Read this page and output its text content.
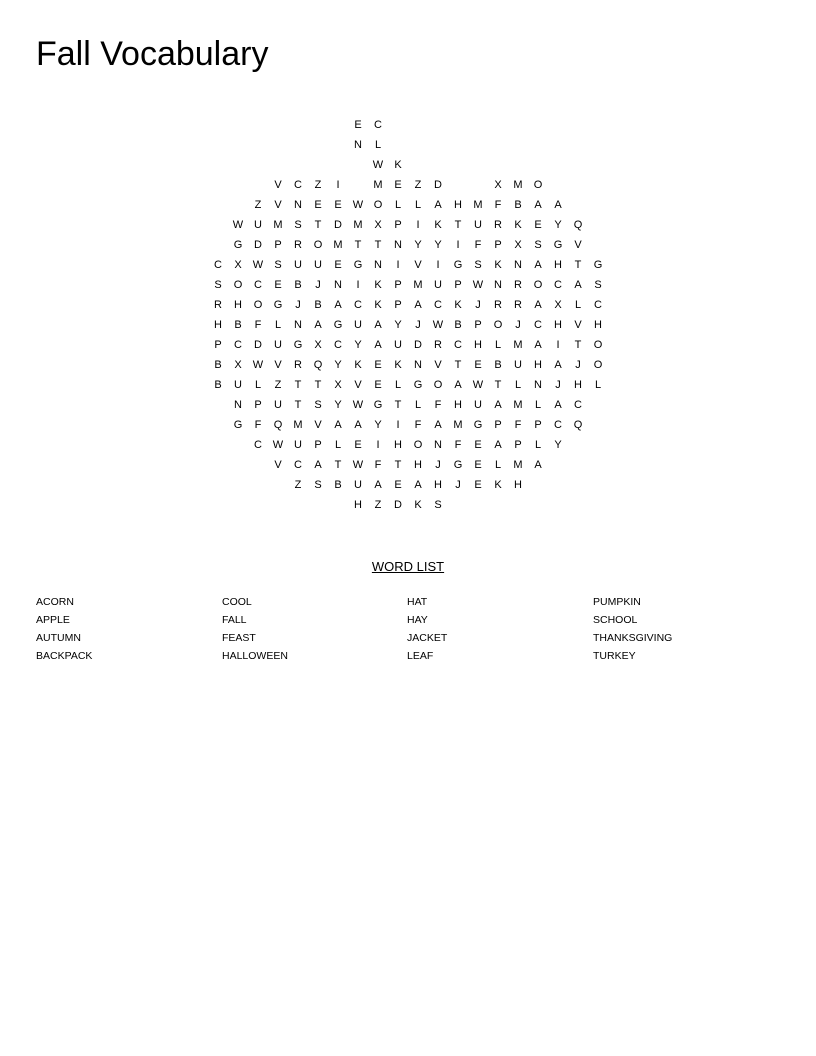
Fall Vocabulary
E C
N L
W K
V C Z I	M E Z D	X M O
Z V N E E W O L L A H M F B A A
W U M S T D M X P I K T U R K E Y Q
G D P R O M T T N Y Y I F P X S G V
C X W S U U E G N I V I G S K N A H T G
S O C E B J N I K P M U P W N R O C A S
R H O G J B A C K P A C K J R R A X L C
H B F L N A G U A Y J W B P O J C H V H
P C D U G X C Y A U D R C H L M A I T O
B X W V R Q Y K E K N V T E B U H A J O
B U L Z T T X V E L G O A W T L N J H L
N P U T S Y W G T L F H U A M L A C
G F Q M V A A Y I F A M G P F P C Q
C W U P L E I H O N F E A P L Y
V C A T W F T H J G E L M A
Z S B U A E A H J E K H
H Z D K S
WORD LIST
ACORN
APPLE
AUTUMN
BACKPACK
COOL
FALL
FEAST
HALLOWEEN
HAT
HAY
JACKET
LEAF
PUMPKIN
SCHOOL
THANKSGIVING
TURKEY
